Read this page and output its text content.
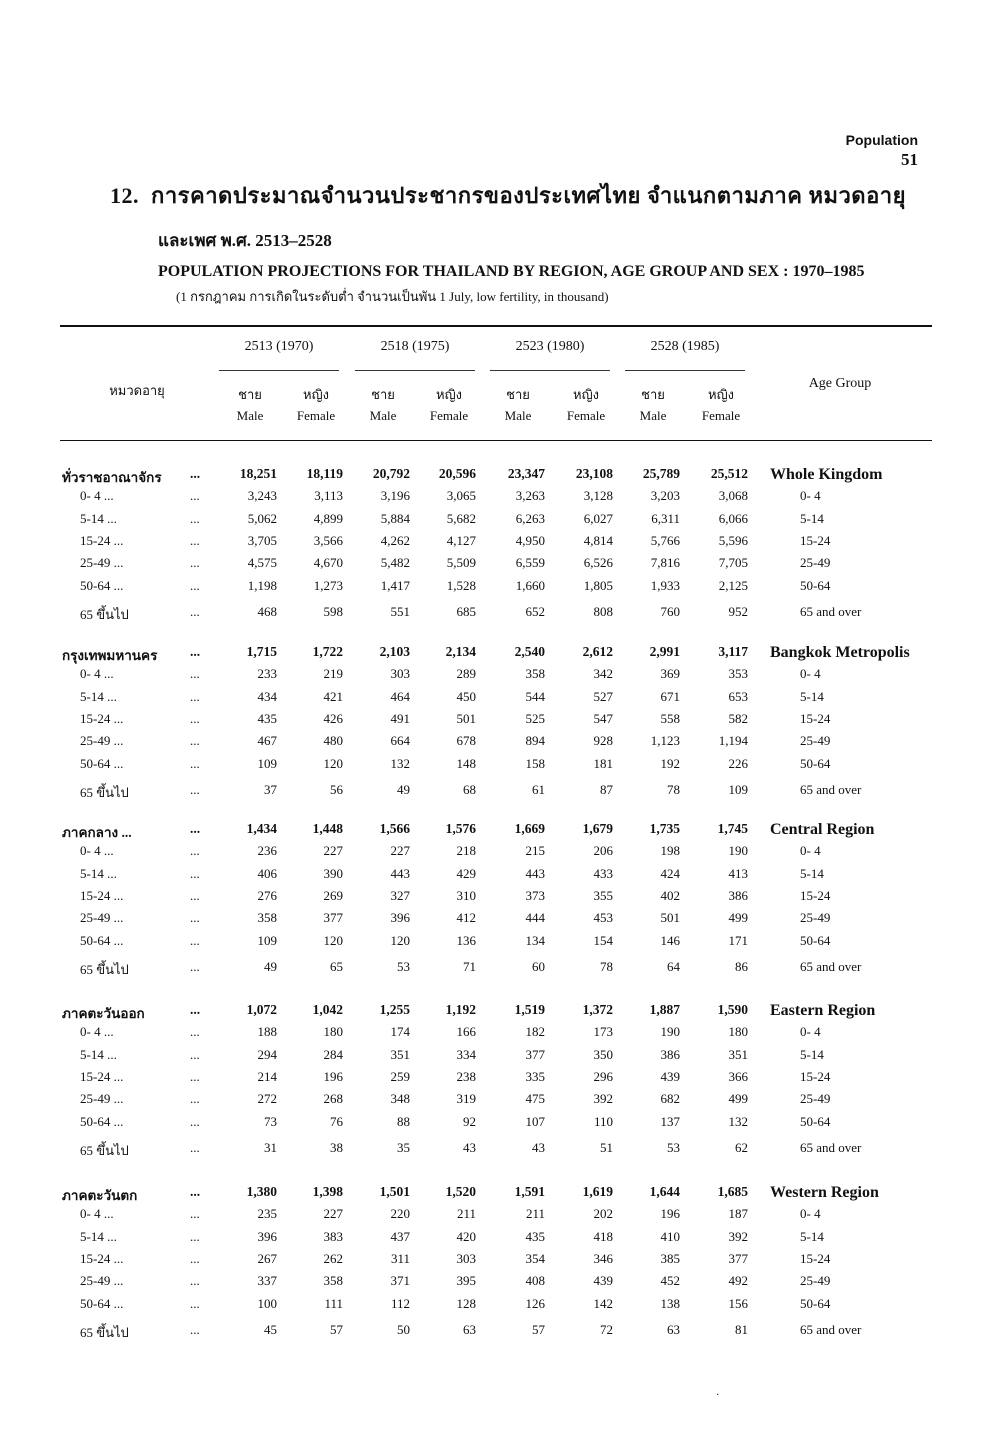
Population
51
12. การคาดประมาณจำนวนประชากรของประเทศไทย จำแนกตามภาค หมวดอายุ
และเพศ พ.ศ. 2513–2528
POPULATION PROJECTIONS FOR THAILAND BY REGION, AGE GROUP AND SEX : 1970–1985
(1 กรกฎาคม การเกิดในระดับต่ำ จำนวนเป็นพัน 1 July, low fertility, in thousand)
หมวดอายุ	Age Group
2513 (1970)
ชาย
Male
หญิง
Female
2518 (1975)
ชาย
Male
หญิง
Female
2523 (1980)
ชาย
Male
หญิง
Female
2528 (1985)
ชาย
Male
หญิง
Female
ทั่วราชอาณาจักร	...	18,251	18,119	20,792	20,596	23,347	23,108	25,789	25,512 Whole Kingdom
0- 4 ...	...	3,243	3,113	3,196	3,065	3,263	3,128	3,203	3,068	0- 4
5-14 ...	...	5,062	4,899	5,884	5,682	6,263	6,027	6,311	6,066	5-14
15-24 ...	...	3,705	3,566	4,262	4,127	4,950	4,814	5,766	5,596	15-24
25-49 ...	...	4,575	4,670	5,482	5,509	6,559	6,526	7,816	7,705	25-49
50-64 ...	...	1,198	1,273	1,417	1,528	1,660	1,805	1,933	2,125	50-64
65 ขึ้นไป	...	468	598	551	685	652	808	760	952	65 and over
กรุงเทพมหานคร	...	1,715	1,722	2,103	2,134	2,540	2,612	2,991	3,117 Bangkok Metropolis
0- 4 ...	...	233	219	303	289	358	342	369	353	0- 4
5-14 ...	...	434	421	464	450	544	527	671	653	5-14
15-24 ...	...	435	426	491	501	525	547	558	582	15-24
25-49 ...	...	467	480	664	678	894	928	1,123	1,194	25-49
50-64 ...	...	109	120	132	148	158	181	192	226	50-64
65 ขึ้นไป	...	37	56	49	68	61	87	78	109	65 and over
ภาคกลาง ...	...	1,434	1,448	1,566	1,576	1,669	1,679	1,735	1,745 Central Region
0- 4 ...	...	236	227	227	218	215	206	198	190	0- 4
5-14 ...	...	406	390	443	429	443	433	424	413	5-14
15-24 ...	...	276	269	327	310	373	355	402	386	15-24
25-49 ...	...	358	377	396	412	444	453	501	499	25-49
50-64 ...	...	109	120	120	136	134	154	146	171	50-64
65 ขึ้นไป	...	49	65	53	71	60	78	64	86	65 and over
ภาคตะวันออก	...	1,072	1,042	1,255	1,192	1,519	1,372	1,887	1,590 Eastern Region
0- 4 ...	...	188	180	174	166	182	173	190	180	0- 4
5-14 ...	...	294	284	351	334	377	350	386	351	5-14
15-24 ...	...	214	196	259	238	335	296	439	366	15-24
25-49 ...	...	272	268	348	319	475	392	682	499	25-49
50-64 ...	...	73	76	88	92	107	110	137	132	50-64
65 ขึ้นไป	...	31	38	35	43	43	51	53	62	65 and over
ภาคตะวันตก	...	1,380	1,398	1,501	1,520	1,591	1,619	1,644	1,685 Western Region
0- 4 ...	...	235	227	220	211	211	202	196	187	0- 4
5-14 ...	...	396	383	437	420	435	418	410	392	5-14
15-24 ...	...	267	262	311	303	354	346	385	377	15-24
25-49 ...	...	337	358	371	395	408	439	452	492	25-49
50-64 ...	...	100	111	112	128	126	142	138	156	50-64
65 ขึ้นไป	...	45	57	50	63	57	72	63	81	65 and over
·
